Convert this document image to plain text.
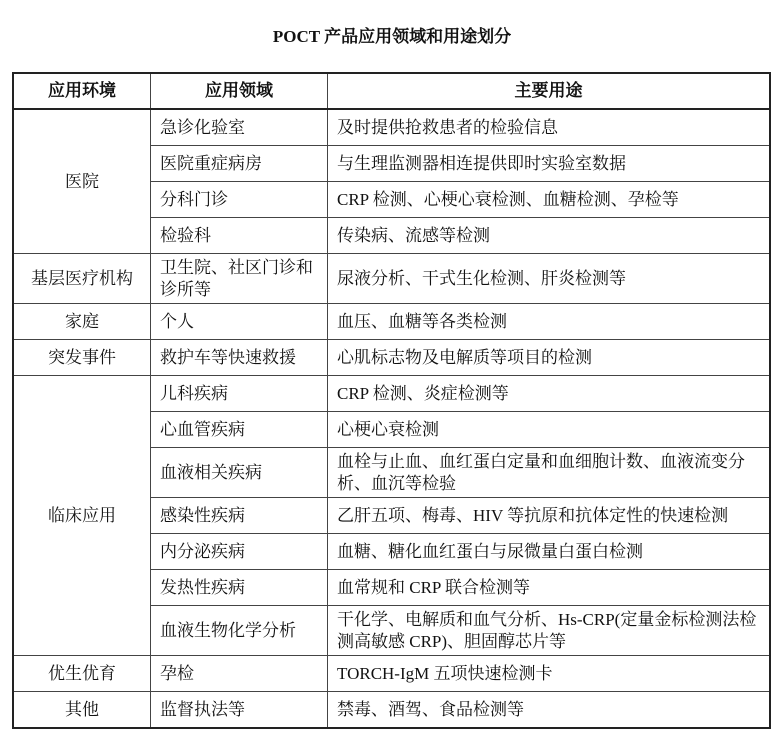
POCT 产品应用领域和用途划分
应用环境	应用领域	主要用途
医院	急诊化验室	及时提供抢救患者的检验信息
	医院重症病房	与生理监测器相连提供即时实验室数据
	分科门诊	CRP 检测、心梗心衰检测、血糖检测、孕检等
	检验科	传染病、流感等检测
基层医疗机构	卫生院、社区门诊和诊所等	尿液分析、干式生化检测、肝炎检测等
家庭	个人	血压、血糖等各类检测
突发事件	救护车等快速救援	心肌标志物及电解质等项目的检测
临床应用	儿科疾病	CRP 检测、炎症检测等
	心血管疾病	心梗心衰检测
	血液相关疾病	血栓与止血、血红蛋白定量和血细胞计数、血液流变分析、血沉等检验
	感染性疾病	乙肝五项、梅毒、HIV 等抗原和抗体定性的快速检测
	内分泌疾病	血糖、糖化血红蛋白与尿微量白蛋白检测
	发热性疾病	血常规和 CRP 联合检测等
	血液生物化学分析	干化学、电解质和血气分析、Hs-CRP(定量金标检测法检测高敏感 CRP)、胆固醇芯片等
优生优育	孕检	TORCH-IgM 五项快速检测卡
其他	监督执法等	禁毒、酒驾、食品检测等
